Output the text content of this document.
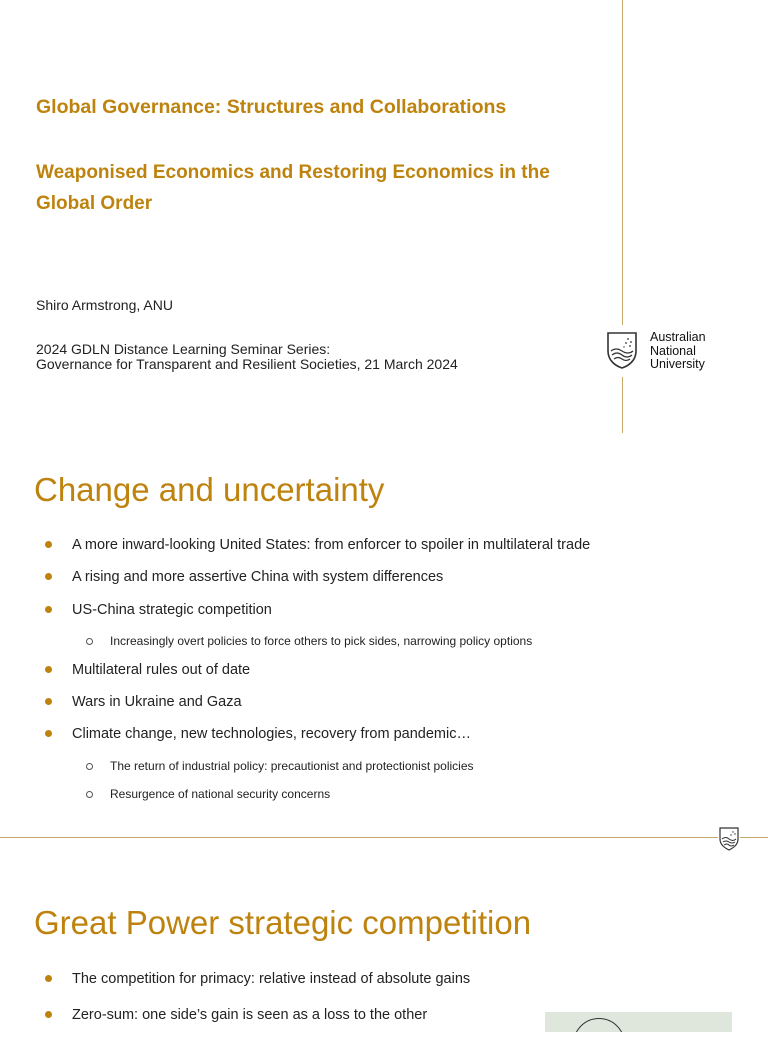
Global Governance: Structures and Collaborations
Weaponised Economics and Restoring Economics in the Global Order
Shiro Armstrong, ANU
2024 GDLN Distance Learning Seminar Series:
Governance for Transparent and Resilient Societies, 21 March 2024
Australian
National
University
Change and uncertainty
A more inward-looking United States: from enforcer to spoiler in multilateral trade
A rising and more assertive China with system differences
US-China strategic competition
Increasingly overt policies to force others to pick sides, narrowing policy options
Multilateral rules out of date
Wars in Ukraine and Gaza
Climate change, new technologies, recovery from pandemic…
The return of industrial policy: precautionist and protectionist policies
Resurgence of national security concerns
Great Power strategic competition
The competition for primacy: relative instead of absolute gains
Zero-sum: one side’s gain is seen as a loss to the other
